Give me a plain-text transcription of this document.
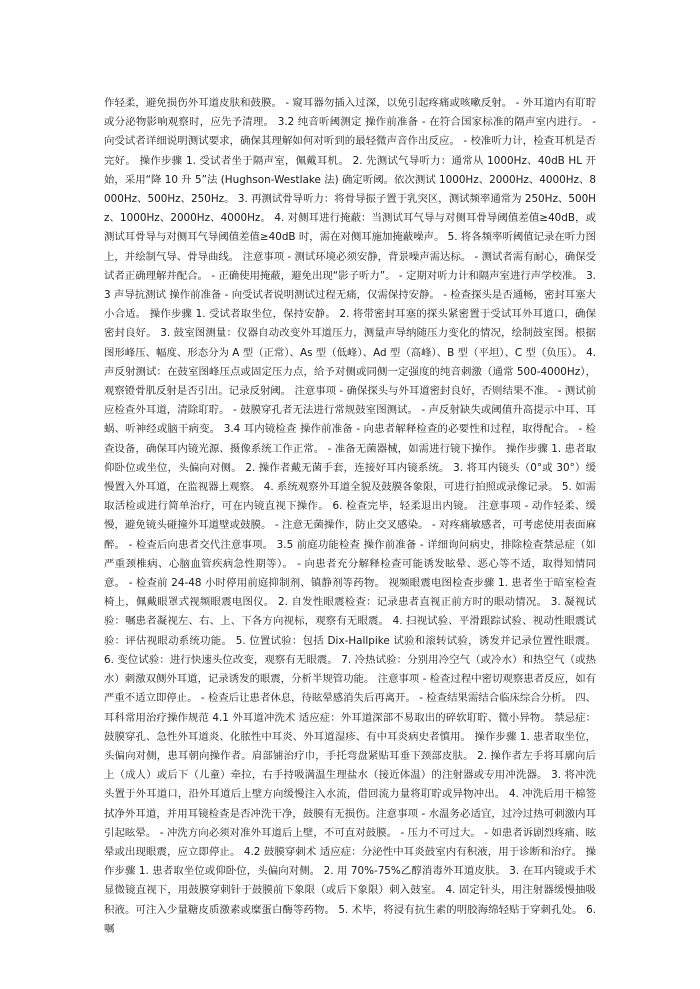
作轻柔，避免损伤外耳道皮肤和鼓膜。 - 窥耳器勿插入过深，以免引起疼痛或咳嗽反射。 - 外耳道内有耵聍或分泌物影响观察时，应先予清理。 3.2 纯音听阈测定 操作前准备 - 在符合国家标准的隔声室内进行。 - 向受试者详细说明测试要求，确保其理解如何对听到的最轻微声音作出反应。 - 校准听力计，检查耳机是否完好。 操作步骤 1. 受试者坐于隔声室，佩戴耳机。 2. 先测试气导听力：通常从 1000Hz、40dB HL 开始，采用“降 10 升 5”法 (Hughson-Westlake 法) 确定听阈。依次测试 1000Hz、2000Hz、4000Hz、8000Hz、500Hz、250Hz。 3. 再测试骨导听力：将骨导振子置于乳突区，测试频率通常为 250Hz、500Hz、1000Hz、2000Hz、4000Hz。 4. 对侧耳进行掩蔽：当测试耳气导与对侧耳骨导阈值差值≥40dB，或测试耳骨导与对侧耳气导阈值差值≥40dB 时，需在对侧耳施加掩蔽噪声。 5. 将各频率听阈值记录在听力图上，并绘制气导、骨导曲线。 注意事项 - 测试环境必须安静，背景噪声需达标。 - 测试者需有耐心，确保受试者正确理解并配合。 - 正确使用掩蔽，避免出现“影子听力”。 - 定期对听力计和隔声室进行声学校准。 3.3 声导抗测试 操作前准备 - 向受试者说明测试过程无痛，仅需保持安静。 - 检查探头是否通畅，密封耳塞大小合适。 操作步骤 1. 受试者取坐位，保持安静。 2. 将带密封耳塞的探头紧密置于受试耳外耳道口，确保密封良好。 3. 鼓室图测量：仪器自动改变外耳道压力，测量声导纳随压力变化的情况，绘制鼓室图。根据图形峰压、幅度、形态分为 A 型（正常）、As 型（低峰）、Ad 型（高峰）、B 型（平坦）、C 型（负压）。 4. 声反射测试：在鼓室图峰压点或固定压力点，给予对侧或同侧一定强度的纯音刺激（通常 500-4000Hz），观察镫骨肌反射是否引出。记录反射阈。 注意事项 - 确保探头与外耳道密封良好，否则结果不准。 - 测试前应检查外耳道，清除耵聍。 - 鼓膜穿孔者无法进行常规鼓室图测试。 - 声反射缺失或阈值升高提示中耳、耳蜗、听神经或脑干病变。 3.4 耳内镜检查 操作前准备 - 向患者解释检查的必要性和过程，取得配合。 - 检查设备，确保耳内镜光源、摄像系统工作正常。 - 准备无菌器械，如需进行镜下操作。 操作步骤 1. 患者取仰卧位或坐位，头偏向对侧。 2. 操作者戴无菌手套，连接好耳内镜系统。 3. 将耳内镜头（0°或 30°）缓慢置入外耳道，在监视器上观察。 4. 系统观察外耳道全貌及鼓膜各象限，可进行拍照或录像记录。 5. 如需取活检或进行简单治疗，可在内镜直视下操作。 6. 检查完毕，轻柔退出内镜。 注意事项 - 动作轻柔、缓慢，避免镜头碰撞外耳道壁或鼓膜。 - 注意无菌操作，防止交叉感染。 - 对疼痛敏感者，可考虑使用表面麻醉。 - 检查后向患者交代注意事项。 3.5 前庭功能检查 操作前准备 - 详细询问病史，排除检查禁忌症（如严重颈椎病、心脑血管疾病急性期等）。 - 向患者充分解释检查可能诱发眩晕、恶心等不适，取得知情同意。 - 检查前 24-48 小时停用前庭抑制剂、镇静剂等药物。 视频眼震电图检查步骤 1. 患者坐于暗室检查椅上，佩戴眼罩式视频眼震电图仪。 2. 自发性眼震检查：记录患者直视正前方时的眼动情况。 3. 凝视试验：嘱患者凝视左、右、上、下各方向视标，观察有无眼震。 4. 扫视试验、平滑跟踪试验、视动性眼震试验：评估视眼动系统功能。 5. 位置试验：包括 Dix-Hallpike 试验和滚转试验，诱发并记录位置性眼震。 6. 变位试验：进行快速头位改变，观察有无眼震。 7. 冷热试验：分别用冷空气（或冷水）和热空气（或热水）刺激双侧外耳道，记录诱发的眼震，分析半规管功能。 注意事项 - 检查过程中密切观察患者反应，如有严重不适立即停止。 - 检查后让患者休息，待眩晕感消失后再离开。 - 检查结果需结合临床综合分析。 四、耳科常用治疗操作规范 4.1 外耳道冲洗术 适应症：外耳道深部不易取出的碎软耵聍、微小异物。 禁忌症：鼓膜穿孔、急性外耳道炎、化脓性中耳炎、外耳道湿疹、有中耳炎病史者慎用。 操作步骤 1. 患者取坐位，头偏向对侧，患耳朝向操作者。肩部铺治疗巾，手托弯盘紧贴耳垂下颈部皮肤。 2. 操作者左手将耳廓向后上（成人）或后下（儿童）牵拉，右手持吸满温生理盐水（接近体温）的注射器或专用冲洗器。 3. 将冲洗头置于外耳道口，沿外耳道后上壁方向缓慢注入水流，借回流力量将耵聍或异物冲出。 4. 冲洗后用干棉签拭净外耳道，并用耳镜检查是否冲洗干净，鼓膜有无损伤。注意事项 - 水温务必适宜，过冷过热可刺激内耳引起眩晕。 - 冲洗方向必须对准外耳道后上壁，不可直对鼓膜。 - 压力不可过大。 - 如患者诉剧烈疼痛、眩晕或出现眼震，应立即停止。 4.2 鼓膜穿刺术 适应症：分泌性中耳炎鼓室内有积液，用于诊断和治疗。 操作步骤 1. 患者取坐位或仰卧位，头偏向对侧。 2. 用 70%-75%乙醇消毒外耳道皮肤。 3. 在耳内镜或手术显微镜直视下，用鼓膜穿刺针于鼓膜前下象限（或后下象限）刺入鼓室。 4. 固定针头，用注射器缓慢抽吸积液。可注入少量糖皮质激素或糜蛋白酶等药物。 5. 术毕，将浸有抗生素的明胶海绵轻贴于穿刺孔处。 6. 嘱
